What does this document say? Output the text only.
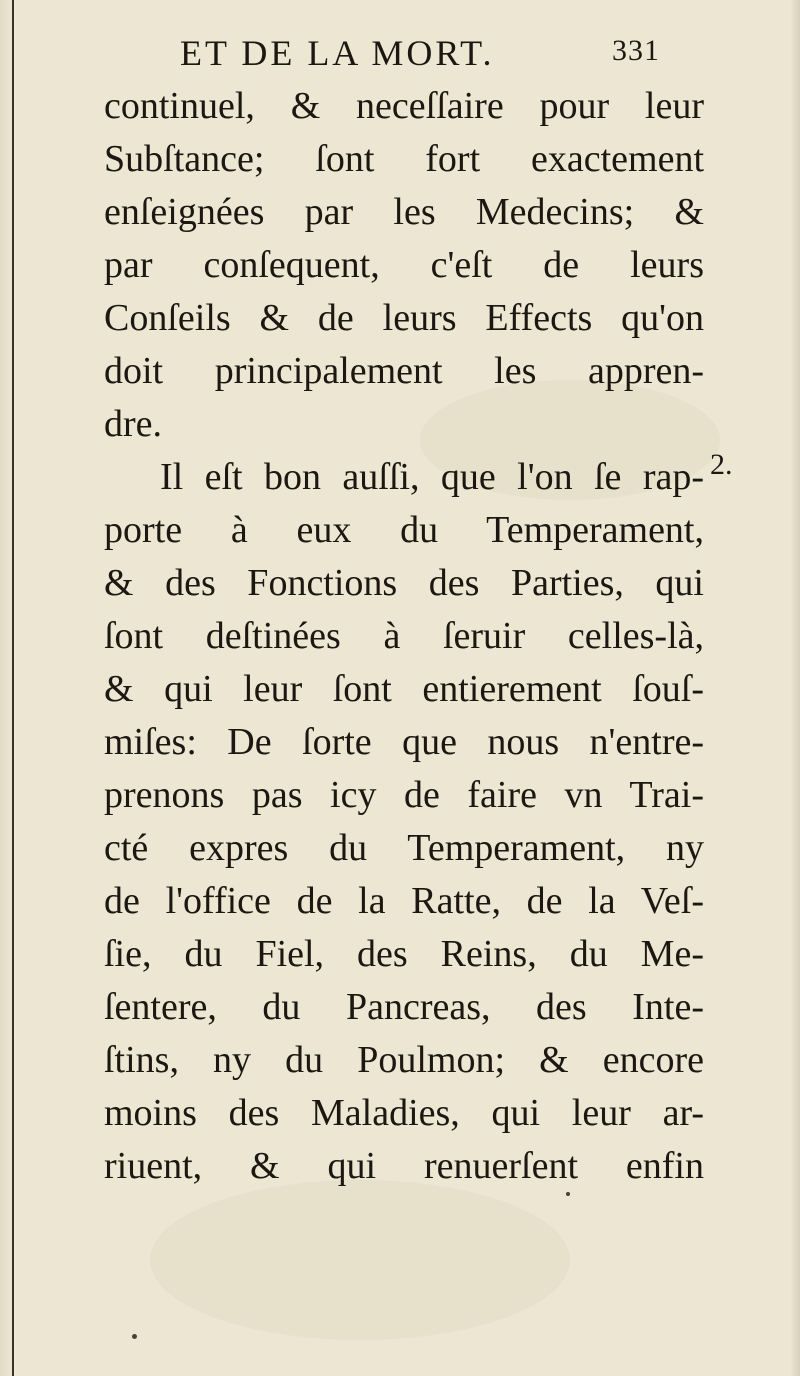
ET DE LA MORT.	331
continuel, & neceſſaire pour leur
Subſtance; ſont fort exactement
enſeignées par les Medecins; &
par conſequent, c'eſt de leurs
Conſeils & de leurs Effects qu'on
doit principalement les appren-
dre.
Il eſt bon auſſi, que l'on ſe rap-
porte à eux du Temperament,
& des Fonctions des Parties, qui
ſont deſtinées à ſeruir celles-là,
& qui leur ſont entierement ſouſ-
miſes: De ſorte que nous n'entre-
prenons pas icy de faire vn Trai-
cté expres du Temperament, ny
de l'office de la Ratte, de la Veſ-
ſie, du Fiel, des Reins, du Me-
ſentere, du Pancreas, des Inte-
ſtins, ny du Poulmon; & encore
moins des Maladies, qui leur ar-
riuent, & qui renuerſent enfin
2.
